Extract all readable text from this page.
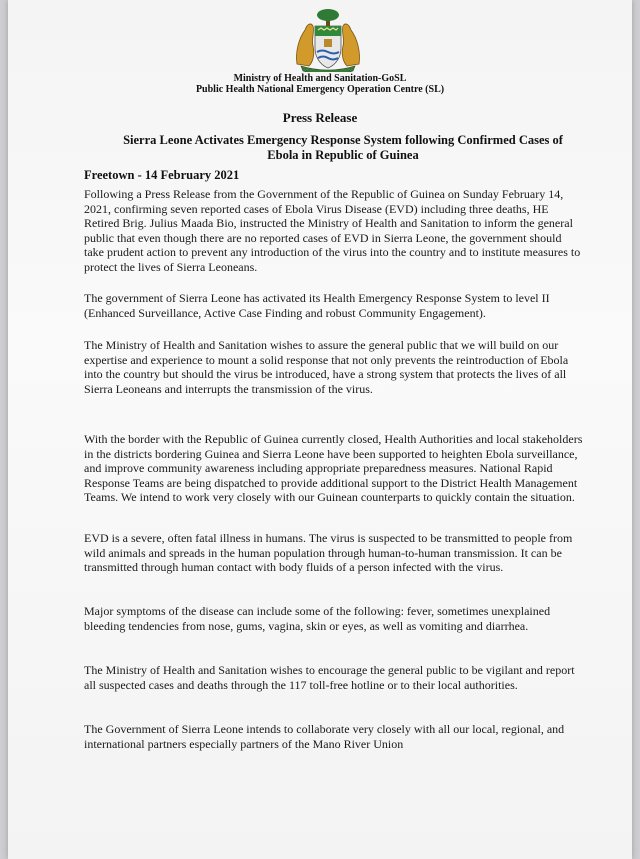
Ministry of Health and Sanitation-GoSL
Public Health National Emergency Operation Centre (SL)
Press Release
Sierra Leone Activates Emergency Response System following Confirmed Cases of Ebola in Republic of Guinea
Freetown - 14 February 2021

Following a Press Release from the Government of the Republic of Guinea on Sunday February 14, 2021, confirming seven reported cases of Ebola Virus Disease (EVD) including three deaths, HE Retired Brig. Julius Maada Bio, instructed the Ministry of Health and Sanitation to inform the general public that even though there are no reported cases of EVD in Sierra Leone, the government should take prudent action to prevent any introduction of the virus into the country and to institute measures to protect the lives of Sierra Leoneans.

The government of Sierra Leone has activated its Health Emergency Response System to level II (Enhanced Surveillance, Active Case Finding and robust Community Engagement).

The Ministry of Health and Sanitation wishes to assure the general public that we will build on our expertise and experience to mount a solid response that not only prevents the reintroduction of Ebola into the country but should the virus be introduced, have a strong system that protects the lives of all Sierra Leoneans and interrupts the transmission of the virus.

With the border with the Republic of Guinea currently closed, Health Authorities and local stakeholders in the districts bordering Guinea and Sierra Leone have been supported to heighten Ebola surveillance, and improve community awareness including appropriate preparedness measures. National Rapid Response Teams are being dispatched to provide additional support to the District Health Management Teams. We intend to work very closely with our Guinean counterparts to quickly contain the situation.

EVD is a severe, often fatal illness in humans. The virus is suspected to be transmitted to people from wild animals and spreads in the human population through human-to-human transmission. It can be transmitted through human contact with body fluids of a person infected with the virus.

Major symptoms of the disease can include some of the following: fever, sometimes unexplained bleeding tendencies from nose, gums, vagina, skin or eyes, as well as vomiting and diarrhea.

The Ministry of Health and Sanitation wishes to encourage the general public to be vigilant and report all suspected cases and deaths through the 117 toll-free hotline or to their local authorities.

The Government of Sierra Leone intends to collaborate very closely with all our local, regional, and international partners especially partners of the Mano River Union
